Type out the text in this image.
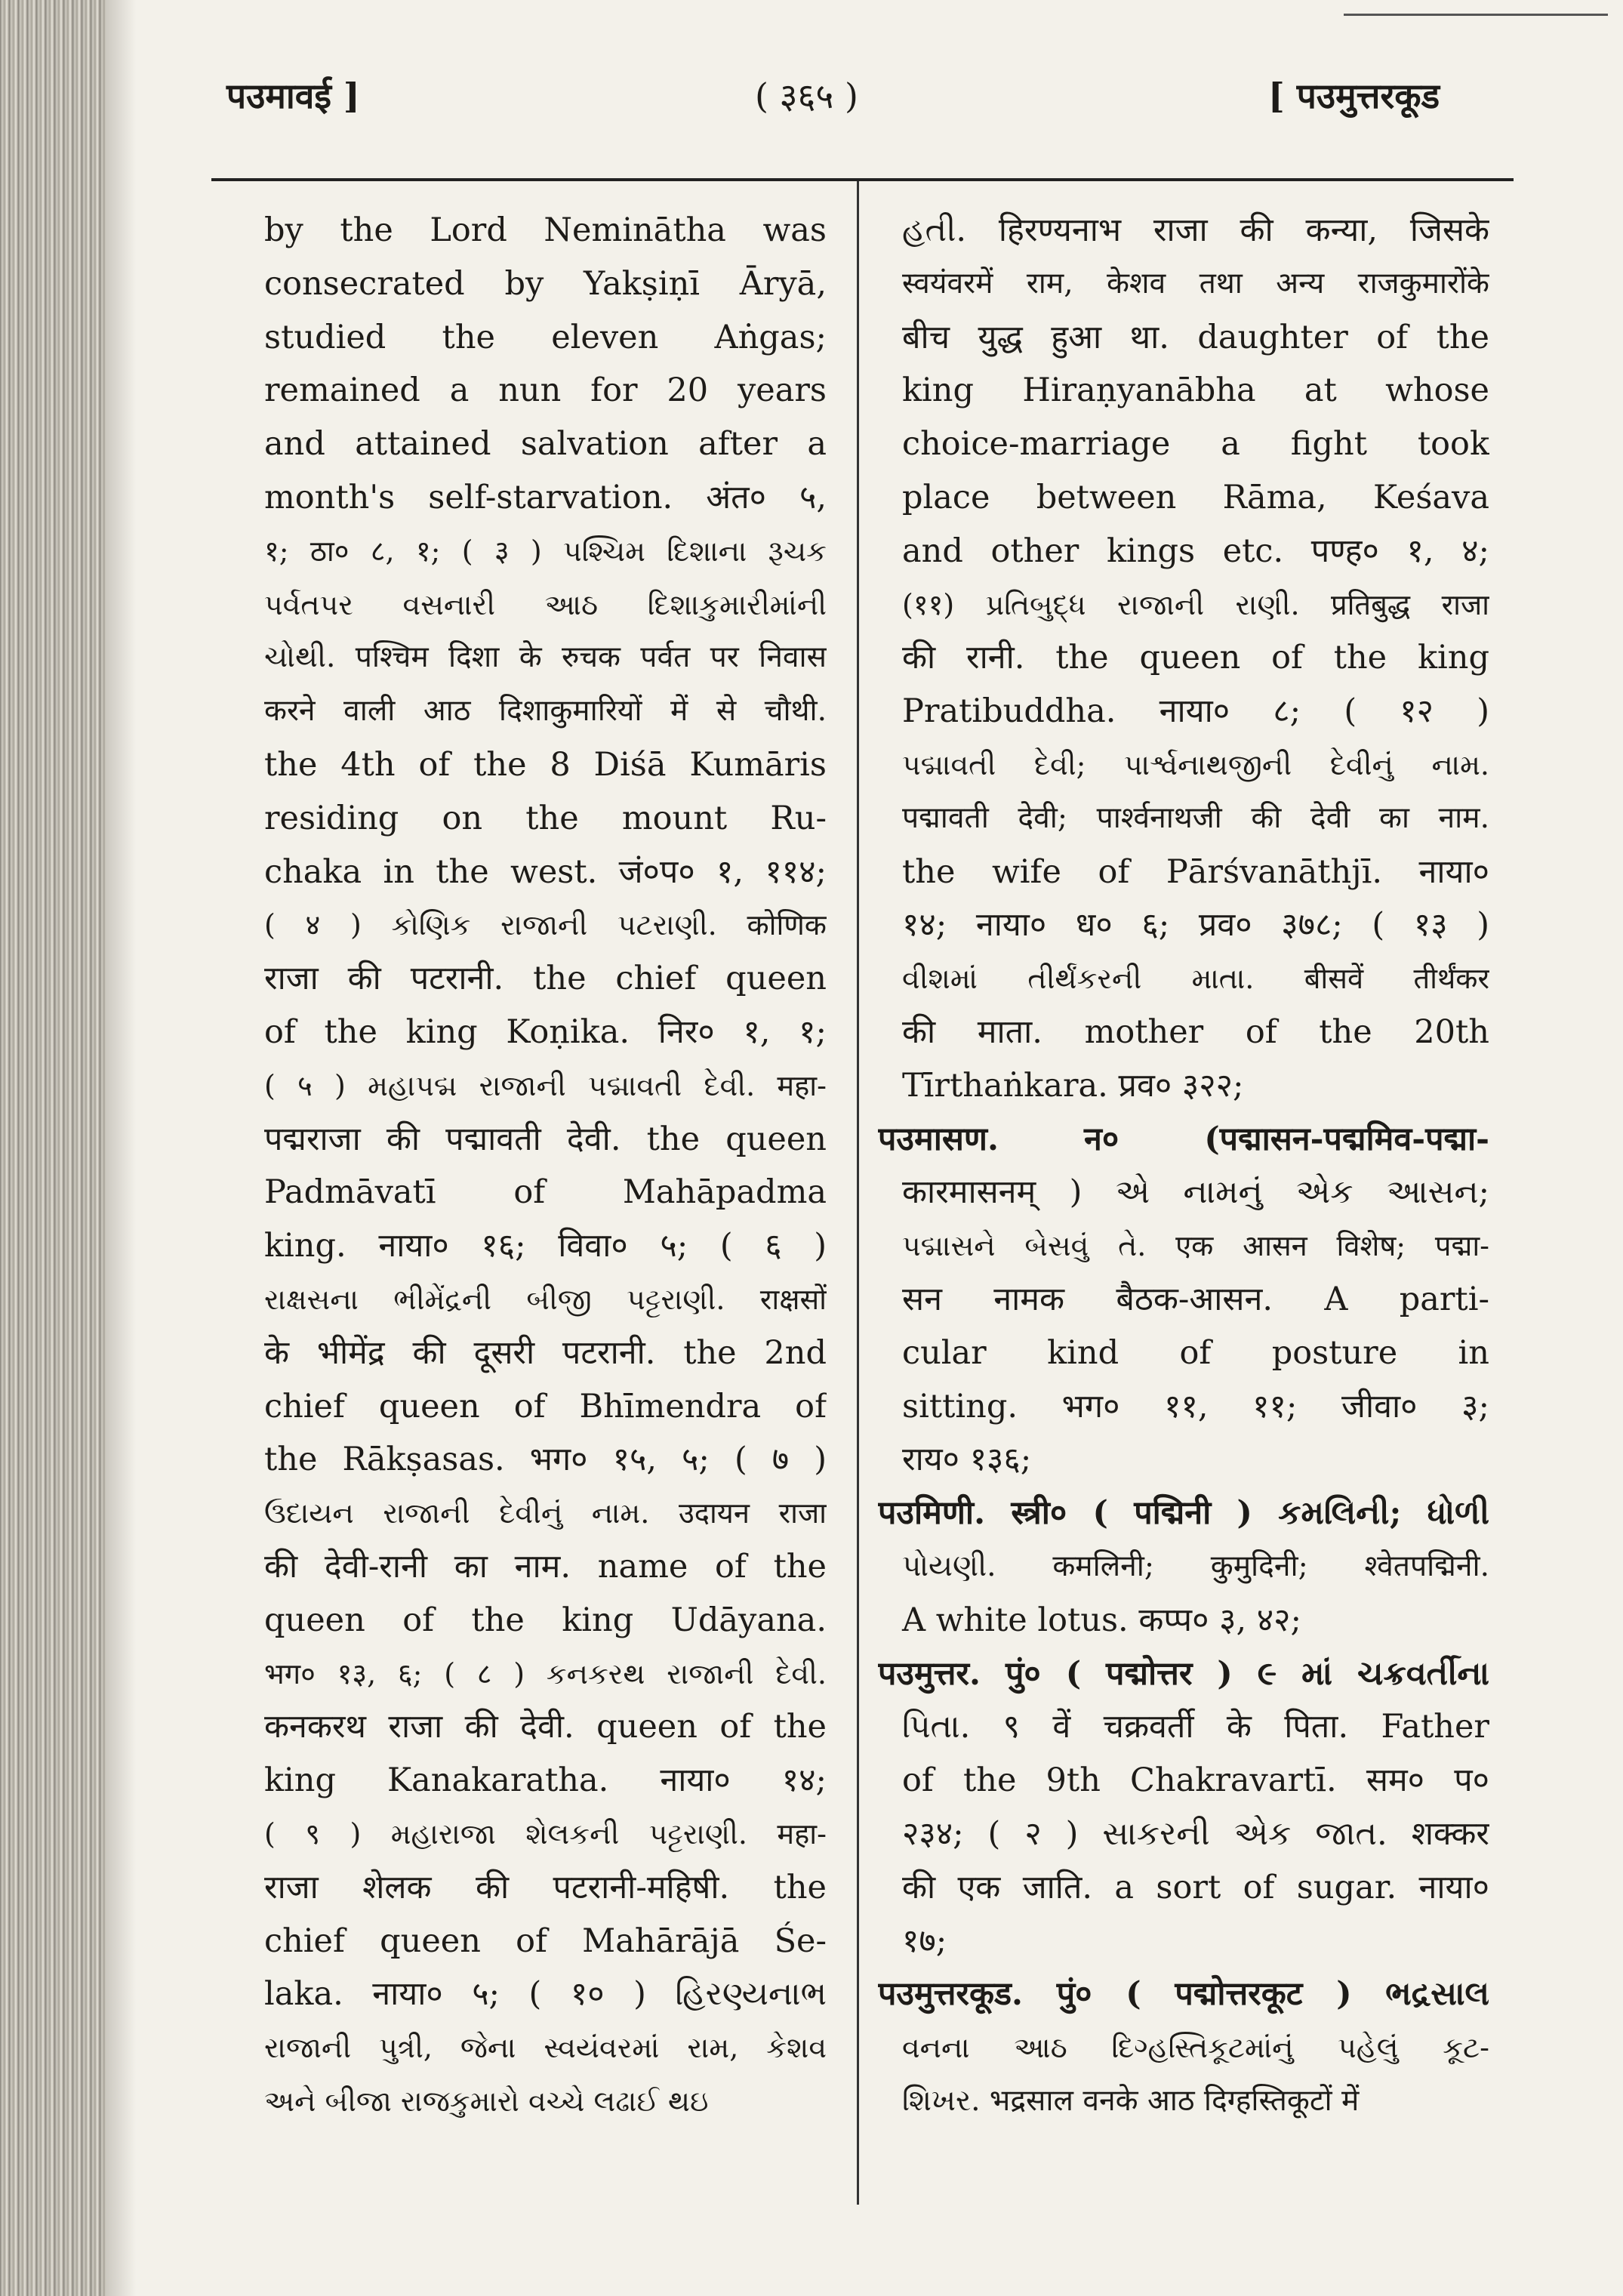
पउमावई ]	( ३६५ )	[ पउमुत्तरकूड
by the Lord Neminātha was
consecrated by Yakṣiṇī Āryā,
studied the eleven Aṅgas;
remained a nun for 20 years
and attained salvation after a
month's self-starvation. अंत० ५,
१; ठा० ८, १; ( ३ ) પશ્ચિમ દિશાના રૂચક
પર્વતપર વસનારી આઠ દિશાકુમારીમાંની
ચોથી. पश्चिम दिशा के रुचक पर्वत पर निवास
करने वाली आठ दिशाकुमारियों में से चौथी.
the 4th of the 8 Diśā Kumāris
residing on the mount Ru-
chaka in the west. जं०प० १, ११४;
( ४ ) કોણિક રાજાની પટરાણી. कोणिक
राजा की पटरानी. the chief queen
of the king Koṇika. निर० १, १;
( ५ ) મહાપદ્મ રાજાની પદ્માવતી દેવી. महा-
पद्मराजा की पद्मावती देवी. the queen
Padmāvatī of Mahāpadma
king. नाया० १६; विवा० ५; ( ६ )
રાક્ષસના ભીમેંદ્રની બીજી પટ્ટરાણી. राक्षसों
के भीमेंद्र की दूसरी पटरानी. the 2nd
chief queen of Bhīmendra of
the Rākṣasas. भग० १५, ५; ( ७ )
ઉદાયન રાજાની દેવીનું નામ. उदायन राजा
की देवी-रानी का नाम. name of the
queen of the king Udāyana.
भग० १३, ६; ( ८ ) કનકરથ રાજાની દેવી.
कनकरथ राजा की देवी. queen of the
king Kanakaratha. नाया० १४;
( ९ ) મહારાજા શેલકની પટ્ટરાણી. महा-
राजा शेलक की पटरानी-महिषी. the
chief queen of Mahārājā Śe-
laka. नाया० ५; ( १० ) હિરણ્યનાભ
રાજાની પુત્રી, જેના સ્વયંવરમાં રામ, કેશવ
અને બીજા રાજકુમારો વચ્ચે લઢાઈ થઇ
હતી. हिरण्यनाभ राजा की कन्या, जिसके
स्वयंवरमें राम, केशव तथा अन्य राजकुमारोंके
बीच युद्ध हुआ था. daughter of the
king Hiraṇyanābha at whose
choice-marriage a fight took
place between Rāma, Keśava
and other kings etc. पण्ह० १, ४;
(११) પ્રતિબુદ્ધ રાજાની રાણી. प्रतिबुद्ध राजा
की रानी. the queen of the king
Pratibuddha. नाया० ८; ( १२ )
પદ્માવતી દેવી; પાર્શ્વનાથજીની દેવીનું નામ.
पद्मावती देवी; पार्श्वनाथजी की देवी का नाम.
the wife of Pārśvanāthjī. नाया०
१४; नाया० ध० ६; प्रव० ३७८; ( १३ )
વીશમાં તીર્થંકરની માતા. बीसवें तीर्थंकर
की माता. mother of the 20th
Tīrthaṅkara. प्रव० ३२२;
पउमासण. न० (पद्मासन-पद्ममिव-पद्मा-
कारमासनम् ) એ નામનું એક આસન;
પદ્માસને બેસવું તે. एक आसन विशेष; पद्मा-
सन नामक बैठक-आसन. A parti-
cular kind of posture in
sitting. भग० ११, ११; जीवा० ३;
राय० १३६;
पउमिणी. स्त्री० ( पद्मिनी ) કમલિની; ધોળી
પોયણી. कमलिनी; कुमुदिनी; श्वेतपद्मिनी.
A white lotus. कप्प० ३, ४२;
पउमुत्तर. पुं० ( पद्मोत्तर ) ૯ માં ચક્રવર્તીના
પિતા. ९ वें चक्रवर्ती के पिता. Father
of the 9th Chakravartī. सम० प०
२३४; ( २ ) સાકરની એક જાત. शक्कर
की एक जाति. a sort of sugar. नाया०
१७;
पउमुत्तरकूड. पुं० ( पद्मोत्तरकूट ) ભદ્રસાલ
વનના આઠ દિગ્હસ્તિકૂટમાંનું પહેલું કૂટ-
શિખર. भद्रसाल वनके आठ दिग्हस्तिकूटों में
